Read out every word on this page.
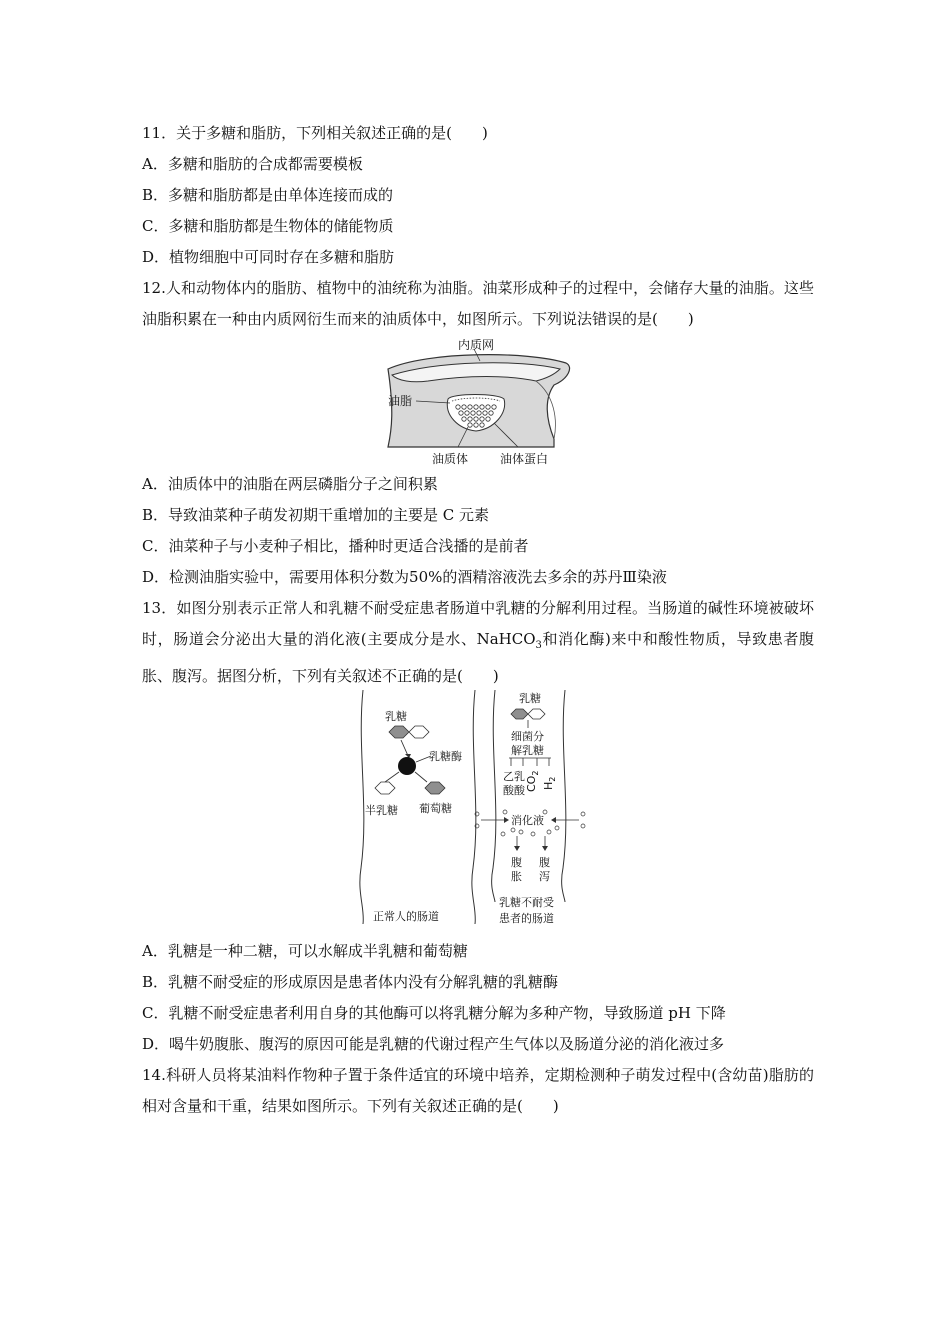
11．关于多糖和脂肪，下列相关叙述正确的是(　　)
A．多糖和脂肪的合成都需要模板
B．多糖和脂肪都是由单体连接而成的
C．多糖和脂肪都是生物体的储能物质
D．植物细胞中可同时存在多糖和脂肪
12.人和动物体内的脂肪、植物中的油统称为油脂。油菜形成种子的过程中，会储存大量的油脂。这些油脂积累在一种由内质网衍生而来的油质体中，如图所示。下列说法错误的是(　　)
内质网
油脂
油质体	油体蛋白
A．油质体中的油脂在两层磷脂分子之间积累
B．导致油菜种子萌发初期干重增加的主要是 C 元素
C．油菜种子与小麦种子相比，播种时更适合浅播的是前者
D．检测油脂实验中，需要用体积分数为50%的酒精溶液洗去多余的苏丹Ⅲ染液
13．如图分别表示正常人和乳糖不耐受症患者肠道中乳糖的分解利用过程。当肠道的碱性环境被破坏时，肠道会分泌出大量的消化液(主要成分是水、NaHCO$_3$和消化酶)来中和酸性物质，导致患者腹胀、腹泻。据图分析，下列有关叙述不正确的是(　　)
乳糖
乳糖酶
半乳糖 葡萄糖
正常人的肠道
乳糖
细菌分
解乳糖
乙乳
酸酸 $CO_2$
$H_2$
消化液
腹
胀
腹
泻
乳糖不耐受
患者的肠道
A．乳糖是一种二糖，可以水解成半乳糖和葡萄糖
B．乳糖不耐受症的形成原因是患者体内没有分解乳糖的乳糖酶
C．乳糖不耐受症患者利用自身的其他酶可以将乳糖分解为多种产物，导致肠道 pH 下降
D．喝牛奶腹胀、腹泻的原因可能是乳糖的代谢过程产生气体以及肠道分泌的消化液过多
14.科研人员将某油料作物种子置于条件适宜的环境中培养，定期检测种子萌发过程中(含幼苗)脂肪的相对含量和干重，结果如图所示。下列有关叙述正确的是(　　)
